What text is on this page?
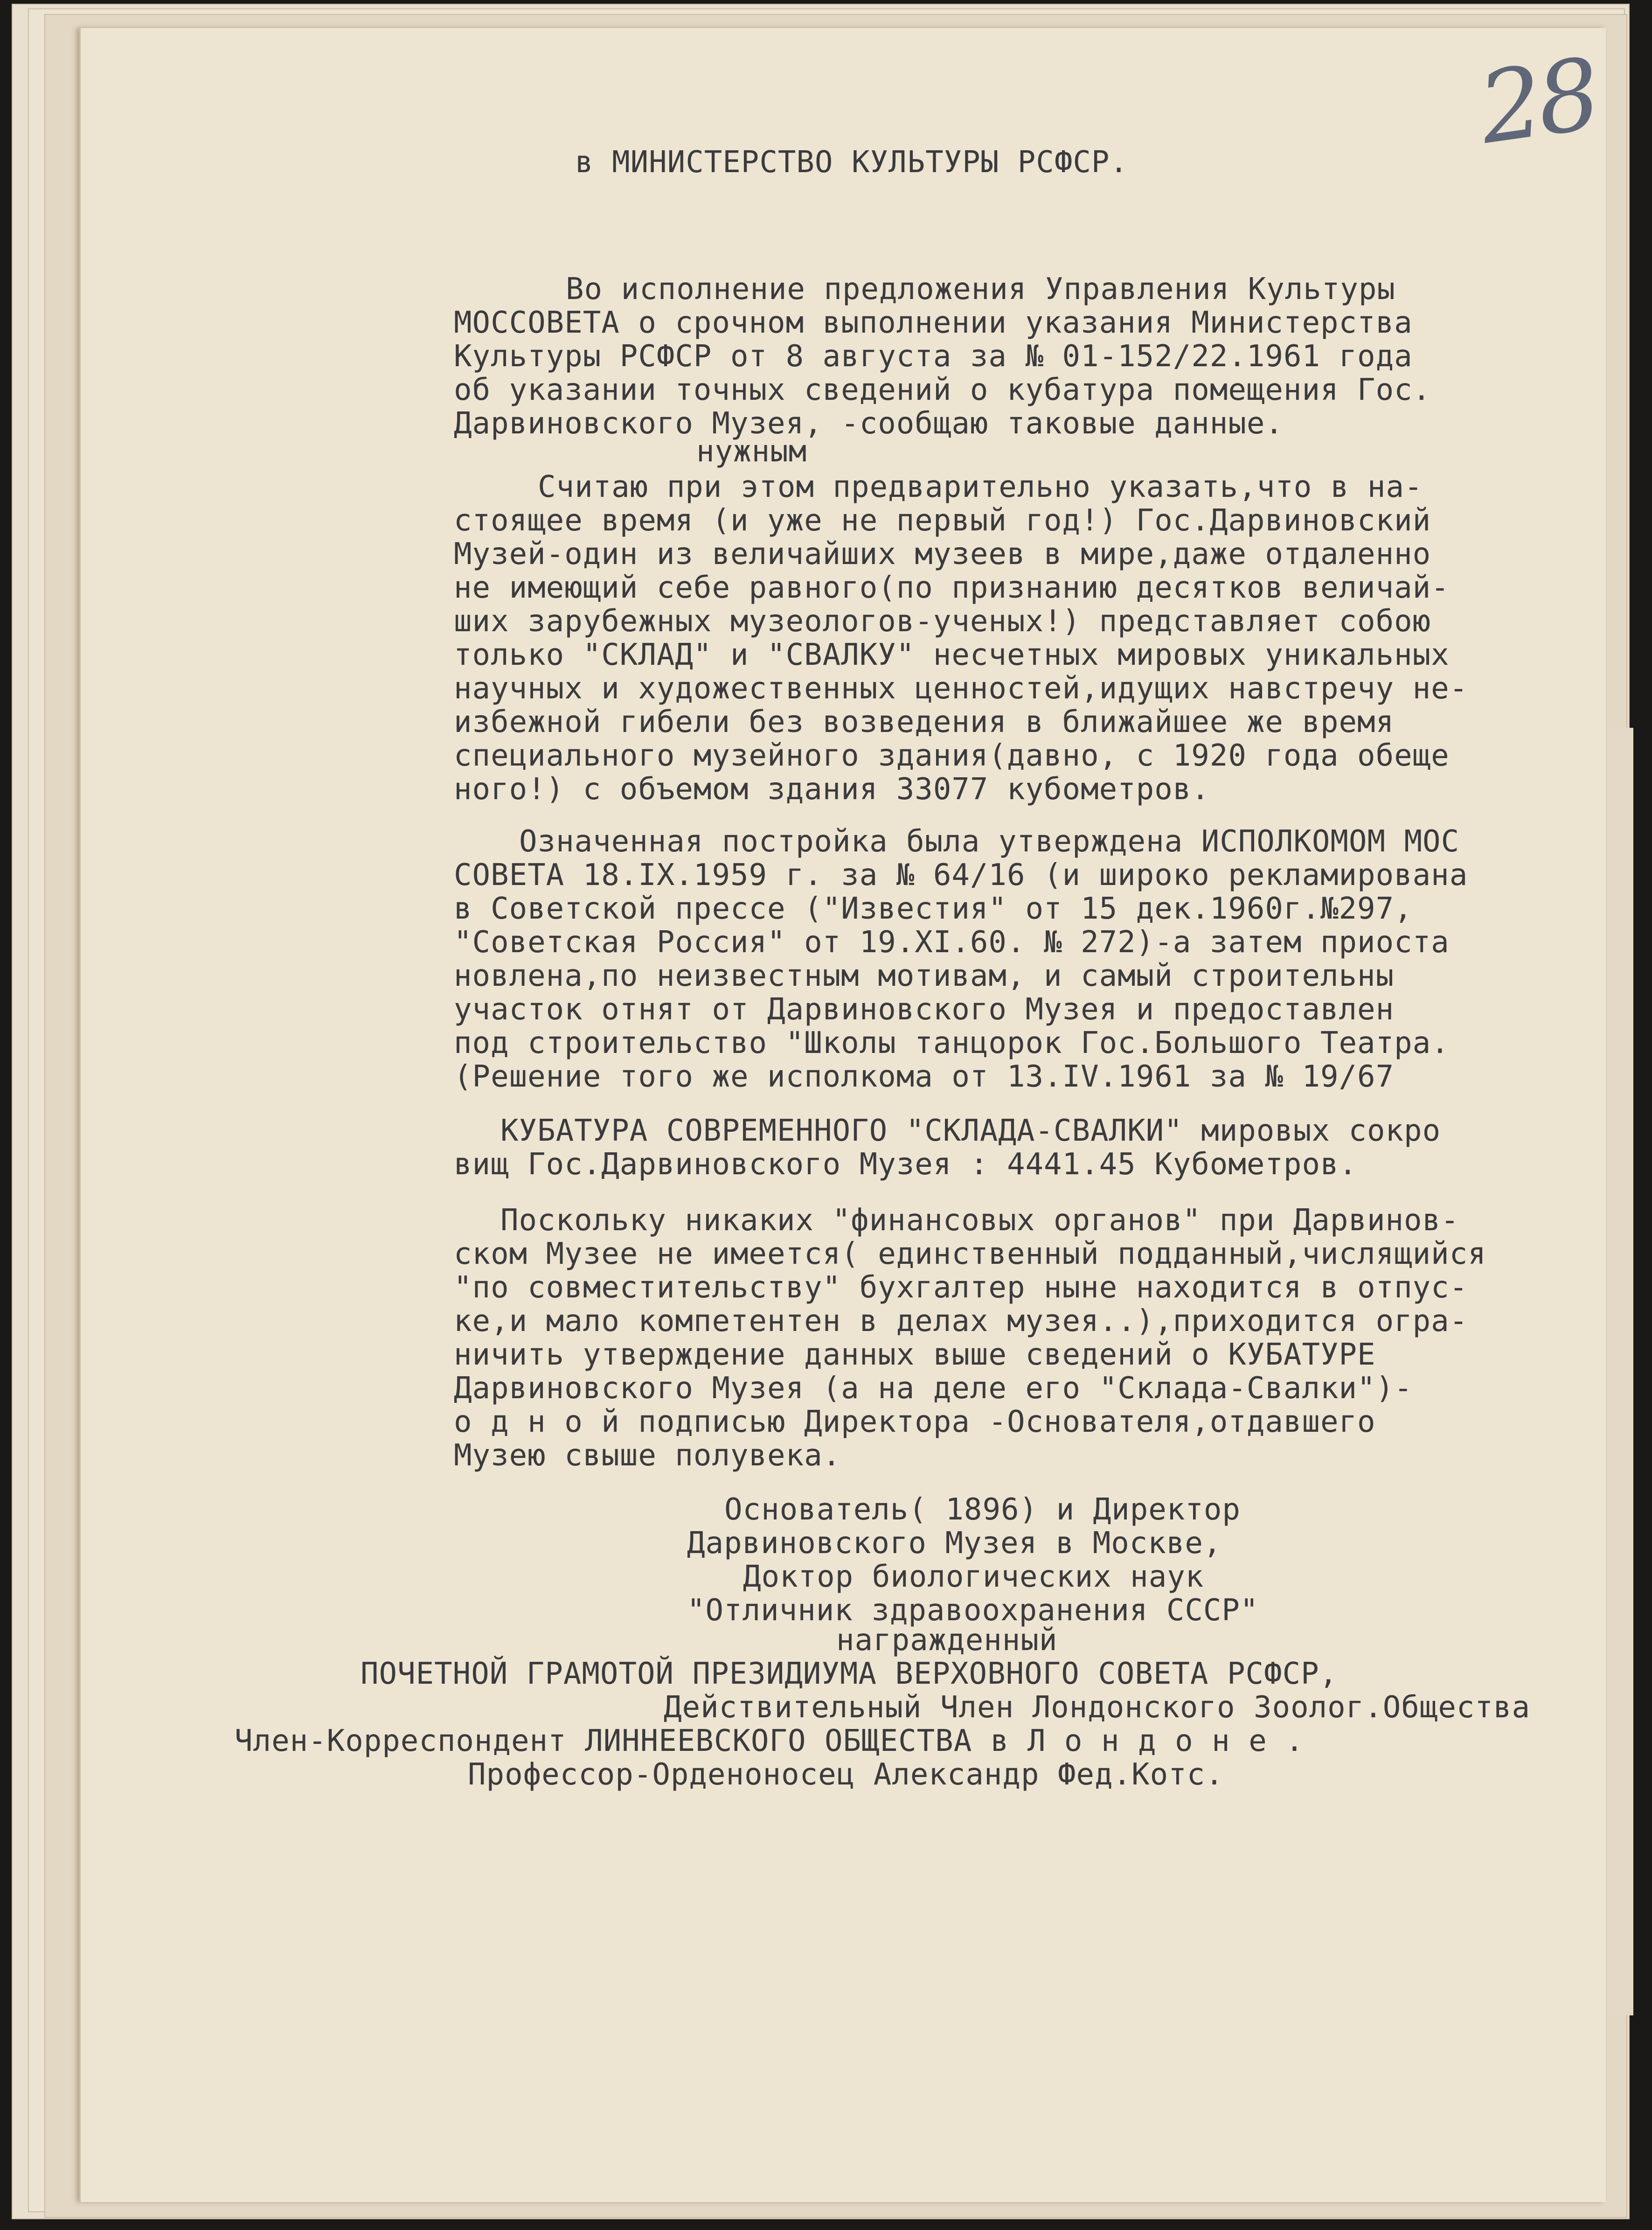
28
в МИНИСТЕРСТВО КУЛЬТУРЫ РСФСР.
Во исполнение предложения Управления Культуры
МОССОВЕТА о срочном выполнении указания Министерства
Культуры РСФСР от 8 августа за № 01-152/22.1961 года
об указании точных сведений о кубатура помещения Гос.
Дарвиновского Музея, -сообщаю таковые данные.
нужным
Считаю при этом предварительно указать,что в на-
стоящее время (и уже не первый год!) Гос.Дарвиновский
Музей-один из величайших музеев в мире,даже отдаленно
не имеющий себе равного(по признанию десятков величай-
ших зарубежных музеологов-ученых!) представляет собою
только "СКЛАД" и "СВАЛКУ" несчетных мировых уникальных
научных и художественных ценностей,идущих навстречу не-
избежной гибели без возведения в ближайшее же время
специального музейного здания(давно, с 1920 года обеще
ного!) с объемом здания 33077 кубометров.
Означенная постройка была утверждена ИСПОЛКОМОМ МОС
СОВЕТА 18.IX.1959 г. за № 64/16 (и широко рекламирована
в Советской прессе ("Известия" от 15 дек.1960г.№297,
"Советская Россия" от 19.XI.60. № 272)-а затем приоста
новлена,по неизвестным мотивам, и самый строительны
участок отнят от Дарвиновского Музея и предоставлен
под строительство "Школы танцорок Гос.Большого Театра.
(Решение того же исполкома от 13.IV.1961 за № 19/67
КУБАТУРА СОВРЕМЕННОГО "СКЛАДА-СВАЛКИ" мировых сокро
вищ Гос.Дарвиновского Музея : 4441.45 Кубометров.
Поскольку никаких "финансовых органов" при Дарвинов-
ском Музее не имеется( единственный подданный,числящийся
"по совместительству" бухгалтер ныне находится в отпус-
ке,и мало компетентен в делах музея..),приходится огра-
ничить утверждение данных выше сведений о КУБАТУРЕ
Дарвиновского Музея (а на деле его "Склада-Свалки")-
о д н о й подписью Директора -Основателя,отдавшего
Музею свыше полувека.
Основатель( 1896) и Директор
Дарвиновского Музея в Москве,
Доктор биологических наук
"Отличник здравоохранения СССР"
награжденный
ПОЧЕТНОЙ ГРАМОТОЙ ПРЕЗИДИУМА ВЕРХОВНОГО СОВЕТА РСФСР,
Действительный Член Лондонского Зоолог.Общества
Член-Корреспондент ЛИННЕЕВСКОГО ОБЩЕСТВА в Л о н д о н е .
Профессор-Орденоносец Александр Фед.Котс.
